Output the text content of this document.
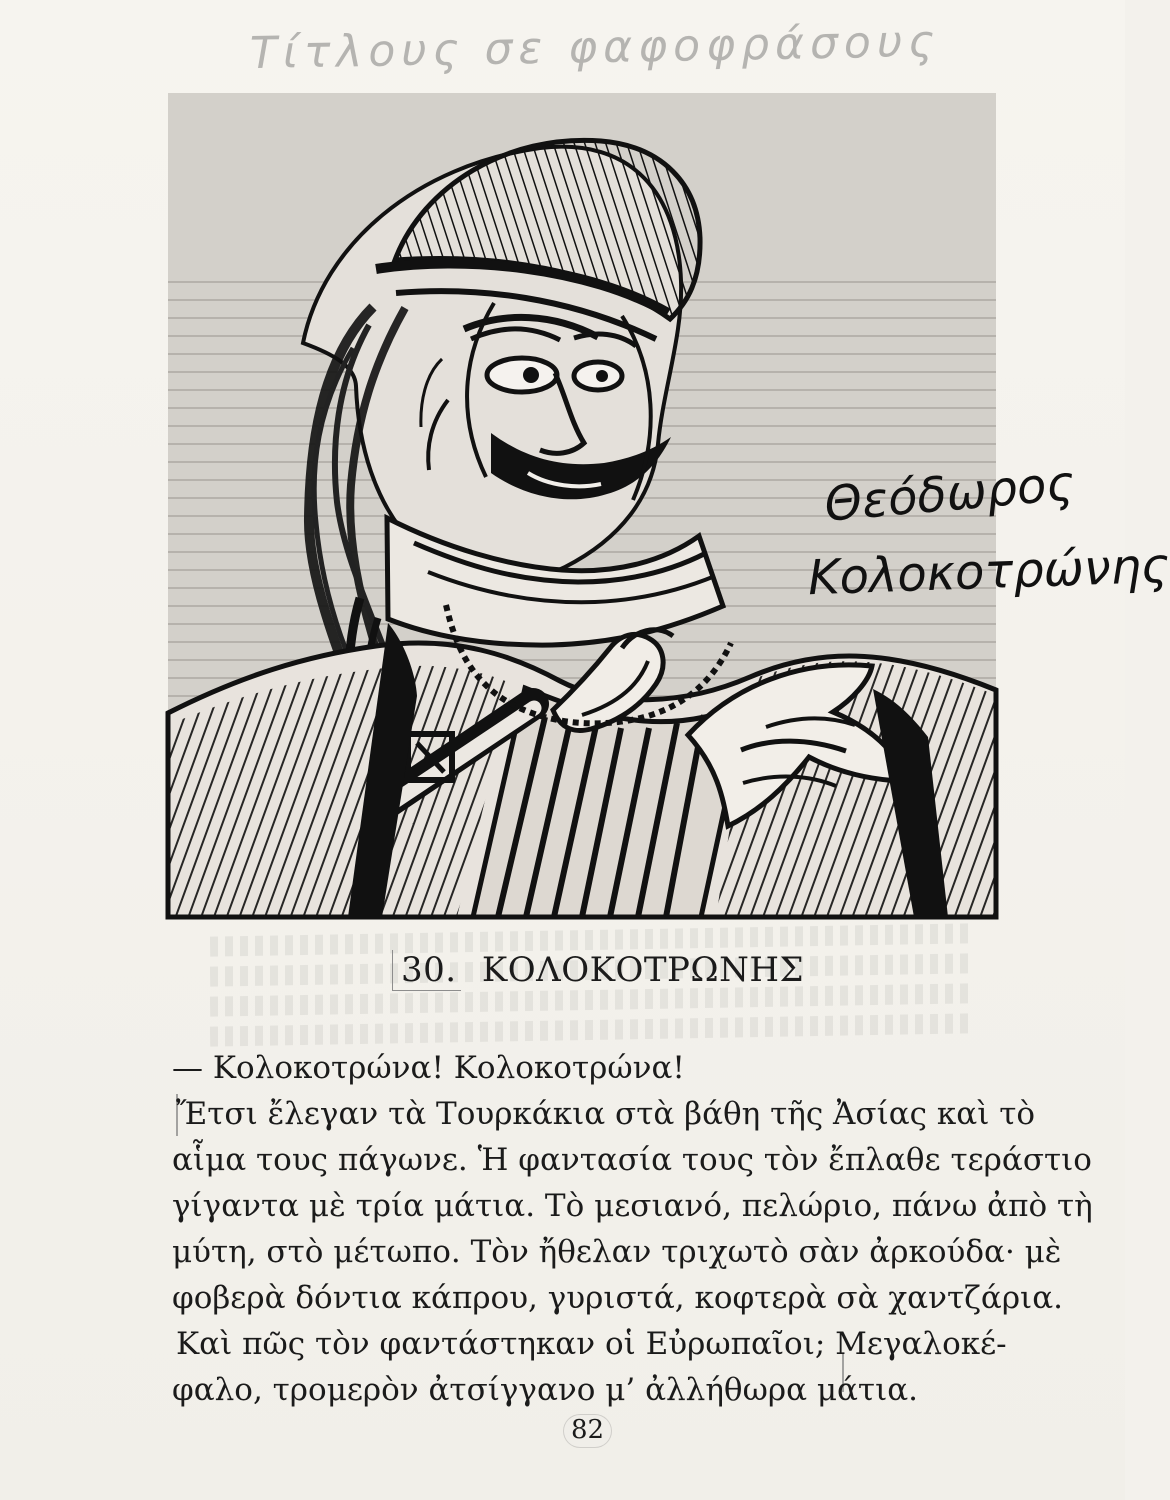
Τίτλους σε φαφοφράσους
Θεόδωρος
Κολοκοτρώνης
30. ΚΟΛΟΚΟΤΡΩΝΗΣ
— Κολοκοτρώνα! Κολοκοτρώνα!
Ἔτσι ἔλεγαν τὰ Τουρκάκια στὰ βάθη τῆς Ἀσίας καὶ τὸ
αἷμα τους πάγωνε. Ἡ φαντασία τους τὸν ἔπλαθε τεράστιο
γίγαντα μὲ τρία μάτια. Τὸ μεσιανό, πελώριο, πάνω ἀπὸ τὴ
μύτη, στὸ μέτωπο. Τὸν ἤθελαν τριχωτὸ σὰν ἀρκούδα· μὲ
φοβερὰ δόντια κάπρου, γυριστά, κοφτερὰ σὰ χαντζάρια.
Καὶ πῶς τὸν φαντάστηκαν οἱ Εὐρωπαῖοι; Μεγαλοκέ-
φαλο, τρομερὸν ἀτσίγγανο μ’ ἀλλήθωρα μάτια.
82
